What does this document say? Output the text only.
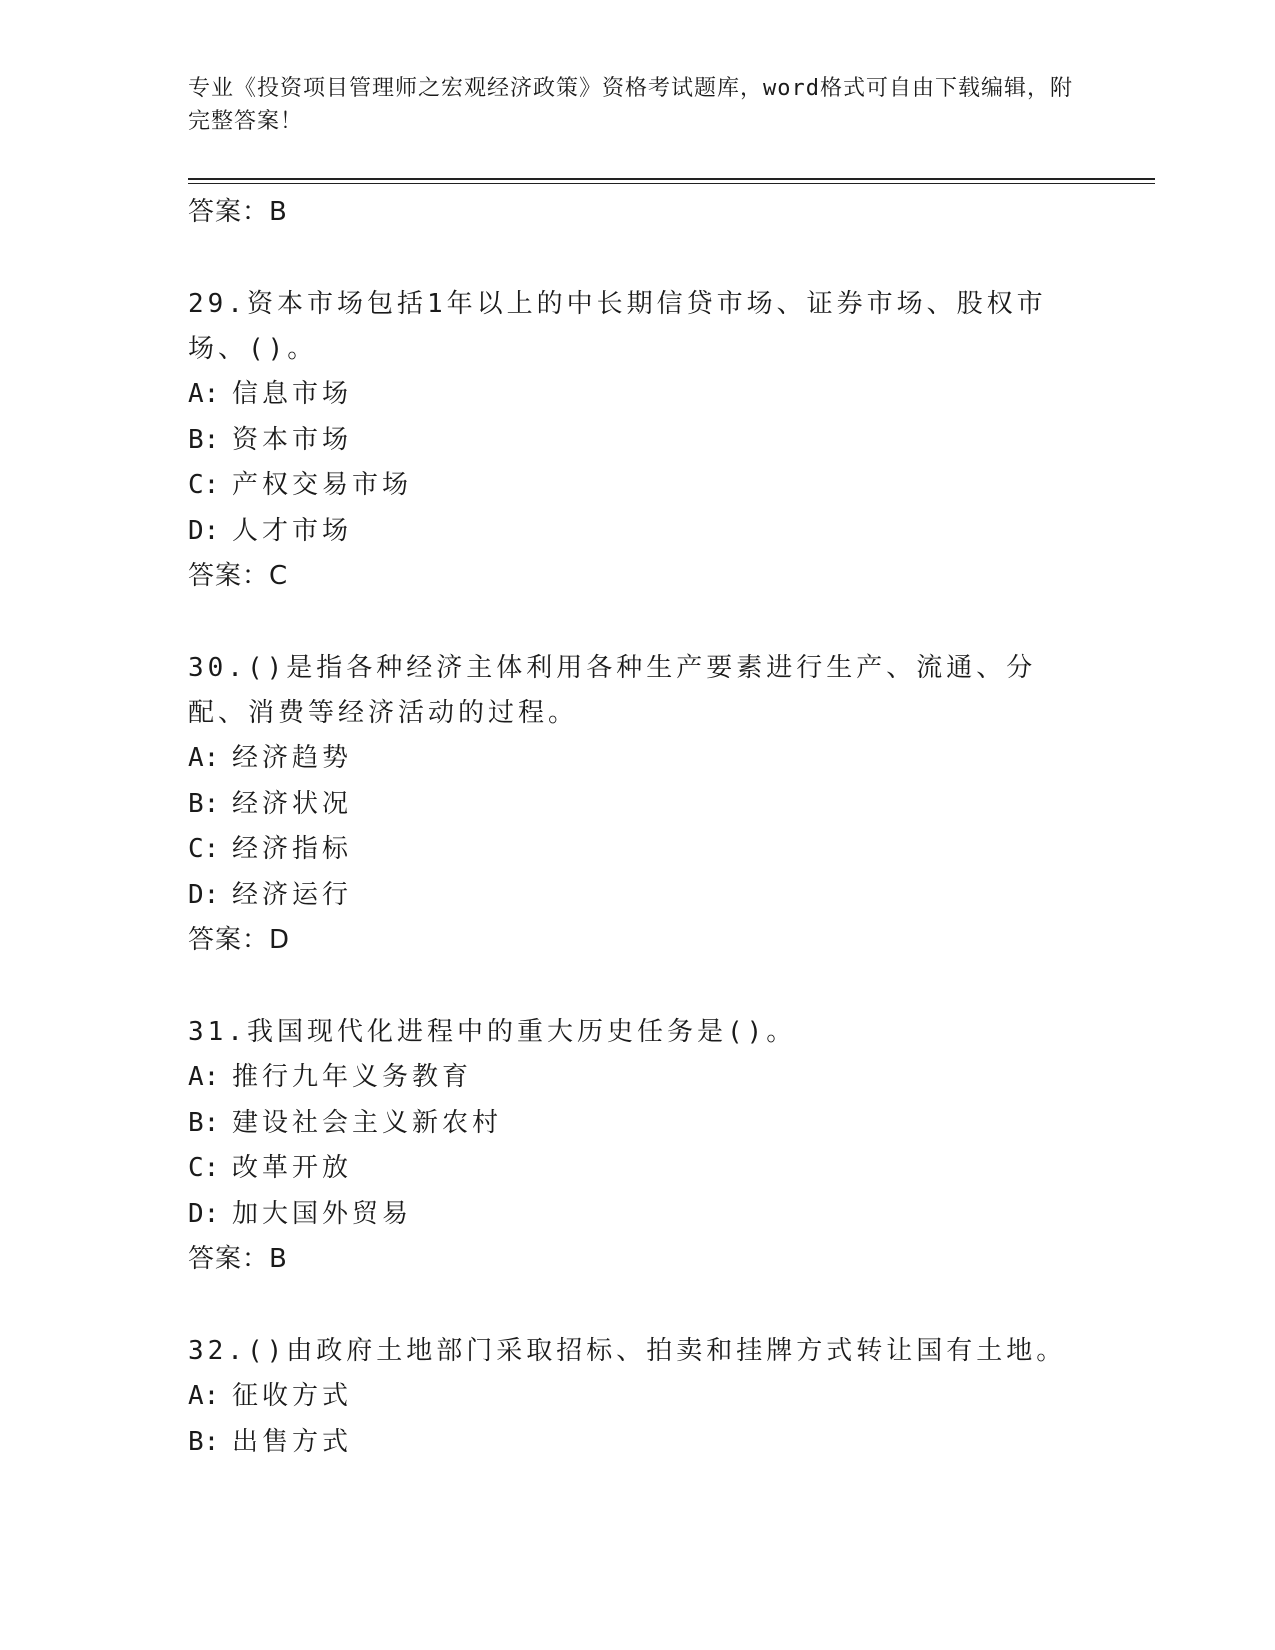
专业《投资项目管理师之宏观经济政策》资格考试题库，word格式可自由下载编辑，附完整答案！
答案：B
29.资本市场包括1年以上的中长期信贷市场、证券市场、股权市场、()。
A: 信息市场
B: 资本市场
C: 产权交易市场
D: 人才市场
答案：C
30.()是指各种经济主体利用各种生产要素进行生产、流通、分配、消费等经济活动的过程。
A: 经济趋势
B: 经济状况
C: 经济指标
D: 经济运行
答案：D
31.我国现代化进程中的重大历史任务是()。
A: 推行九年义务教育
B: 建设社会主义新农村
C: 改革开放
D: 加大国外贸易
答案：B
32.()由政府土地部门采取招标、拍卖和挂牌方式转让国有土地。
A: 征收方式
B: 出售方式
